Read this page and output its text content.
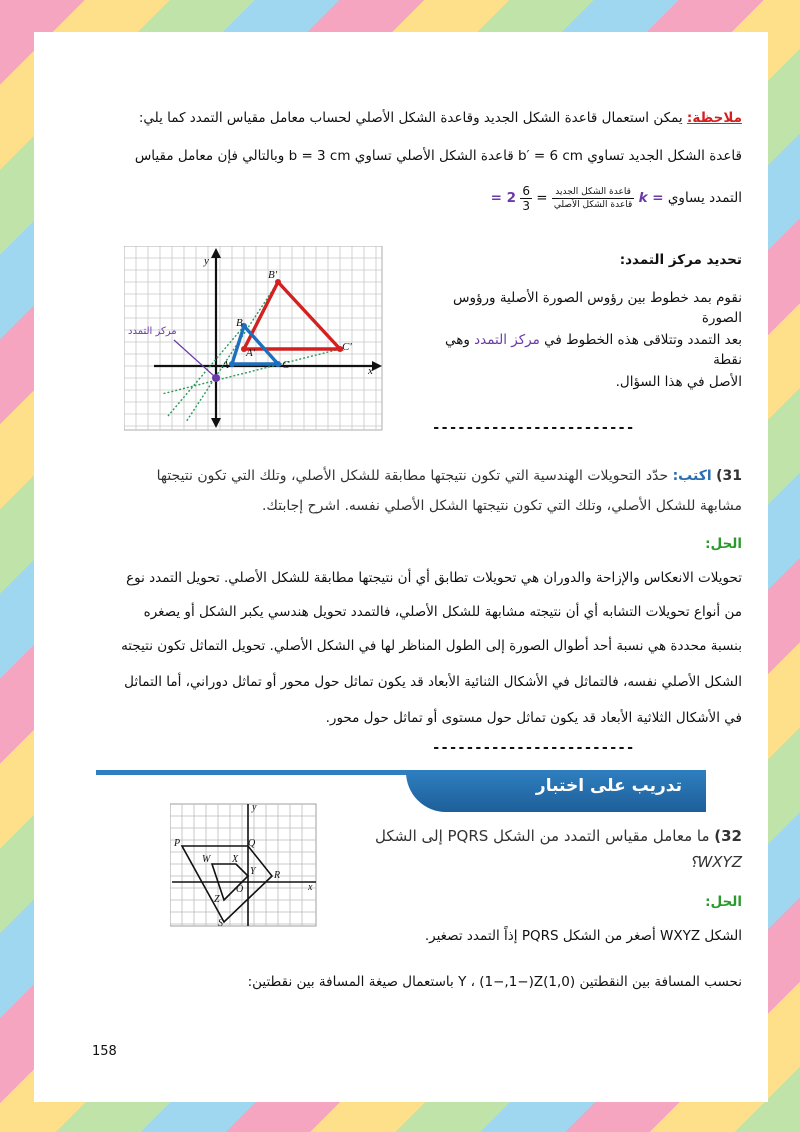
ملاحظة: يمكن استعمال قاعدة الشكل الجديد وقاعدة الشكل الأصلي لحساب معامل مقياس التمدد كما يلي:
قاعدة الشكل الجديد تساوي b′ = 6 cm قاعدة الشكل الأصلي تساوي b = 3 cm وبالتالي فإن معامل مقياس
التمدد يساوي k =
$\frac{\text{قاعدة الشكل الجديد}}{\text{قاعدة الشكل الأصلي}}$
=
$\frac{6}{3}$
= 2
y
x
B'
C'
A'
B
C
A
مركز التمدد
تحديد مركز التمدد:
نقوم بمد خطوط بين رؤوس الصورة الأصلية ورؤوس الصورة
بعد التمدد وتتلاقى هذه الخطوط في مركز التمدد وهي نقطة
الأصل في هذا السؤال.
------------------------
31) اكتب: حدّد التحويلات الهندسية التي تكون نتيجتها مطابقة للشكل الأصلي، وتلك التي تكون نتيجتها
مشابهة للشكل الأصلي، وتلك التي تكون نتيجتها الشكل الأصلي نفسه. اشرح إجابتك.
الحل:
تحويلات الانعكاس والإزاحة والدوران هي تحويلات تطابق أي أن نتيجتها مطابقة للشكل الأصلي. تحويل التمدد نوع
من أنواع تحويلات التشابه أي أن نتيجته مشابهة للشكل الأصلي، فالتمدد تحويل هندسي يكبر الشكل أو يصغره
بنسبة محددة هي نسبة أحد أطوال الصورة إلى الطول المناظر لها في الشكل الأصلي. تحويل التماثل تكون نتيجته
الشكل الأصلي نفسه، فالتماثل في الأشكال الثنائية الأبعاد قد يكون تماثل حول محور أو تماثل دوراني، أما التماثل
في الأشكال الثلاثية الأبعاد قد يكون تماثل حول مستوى أو تماثل حول محور.
------------------------
تدريب على اختبار
y
x
P	Q
R
S
W X
Y
Z
O
32) ما معامل مقياس التمدد من الشكل PQRS إلى الشكل
WXYZ؟
الحل:
الشكل WXYZ أصغر من الشكل PQRS إذاً التمدد تصغير.
نحسب المسافة بين النقطتين (1,0)Y ، (1−,1−)Z باستعمال صيغة المسافة بين نقطتين:
158
